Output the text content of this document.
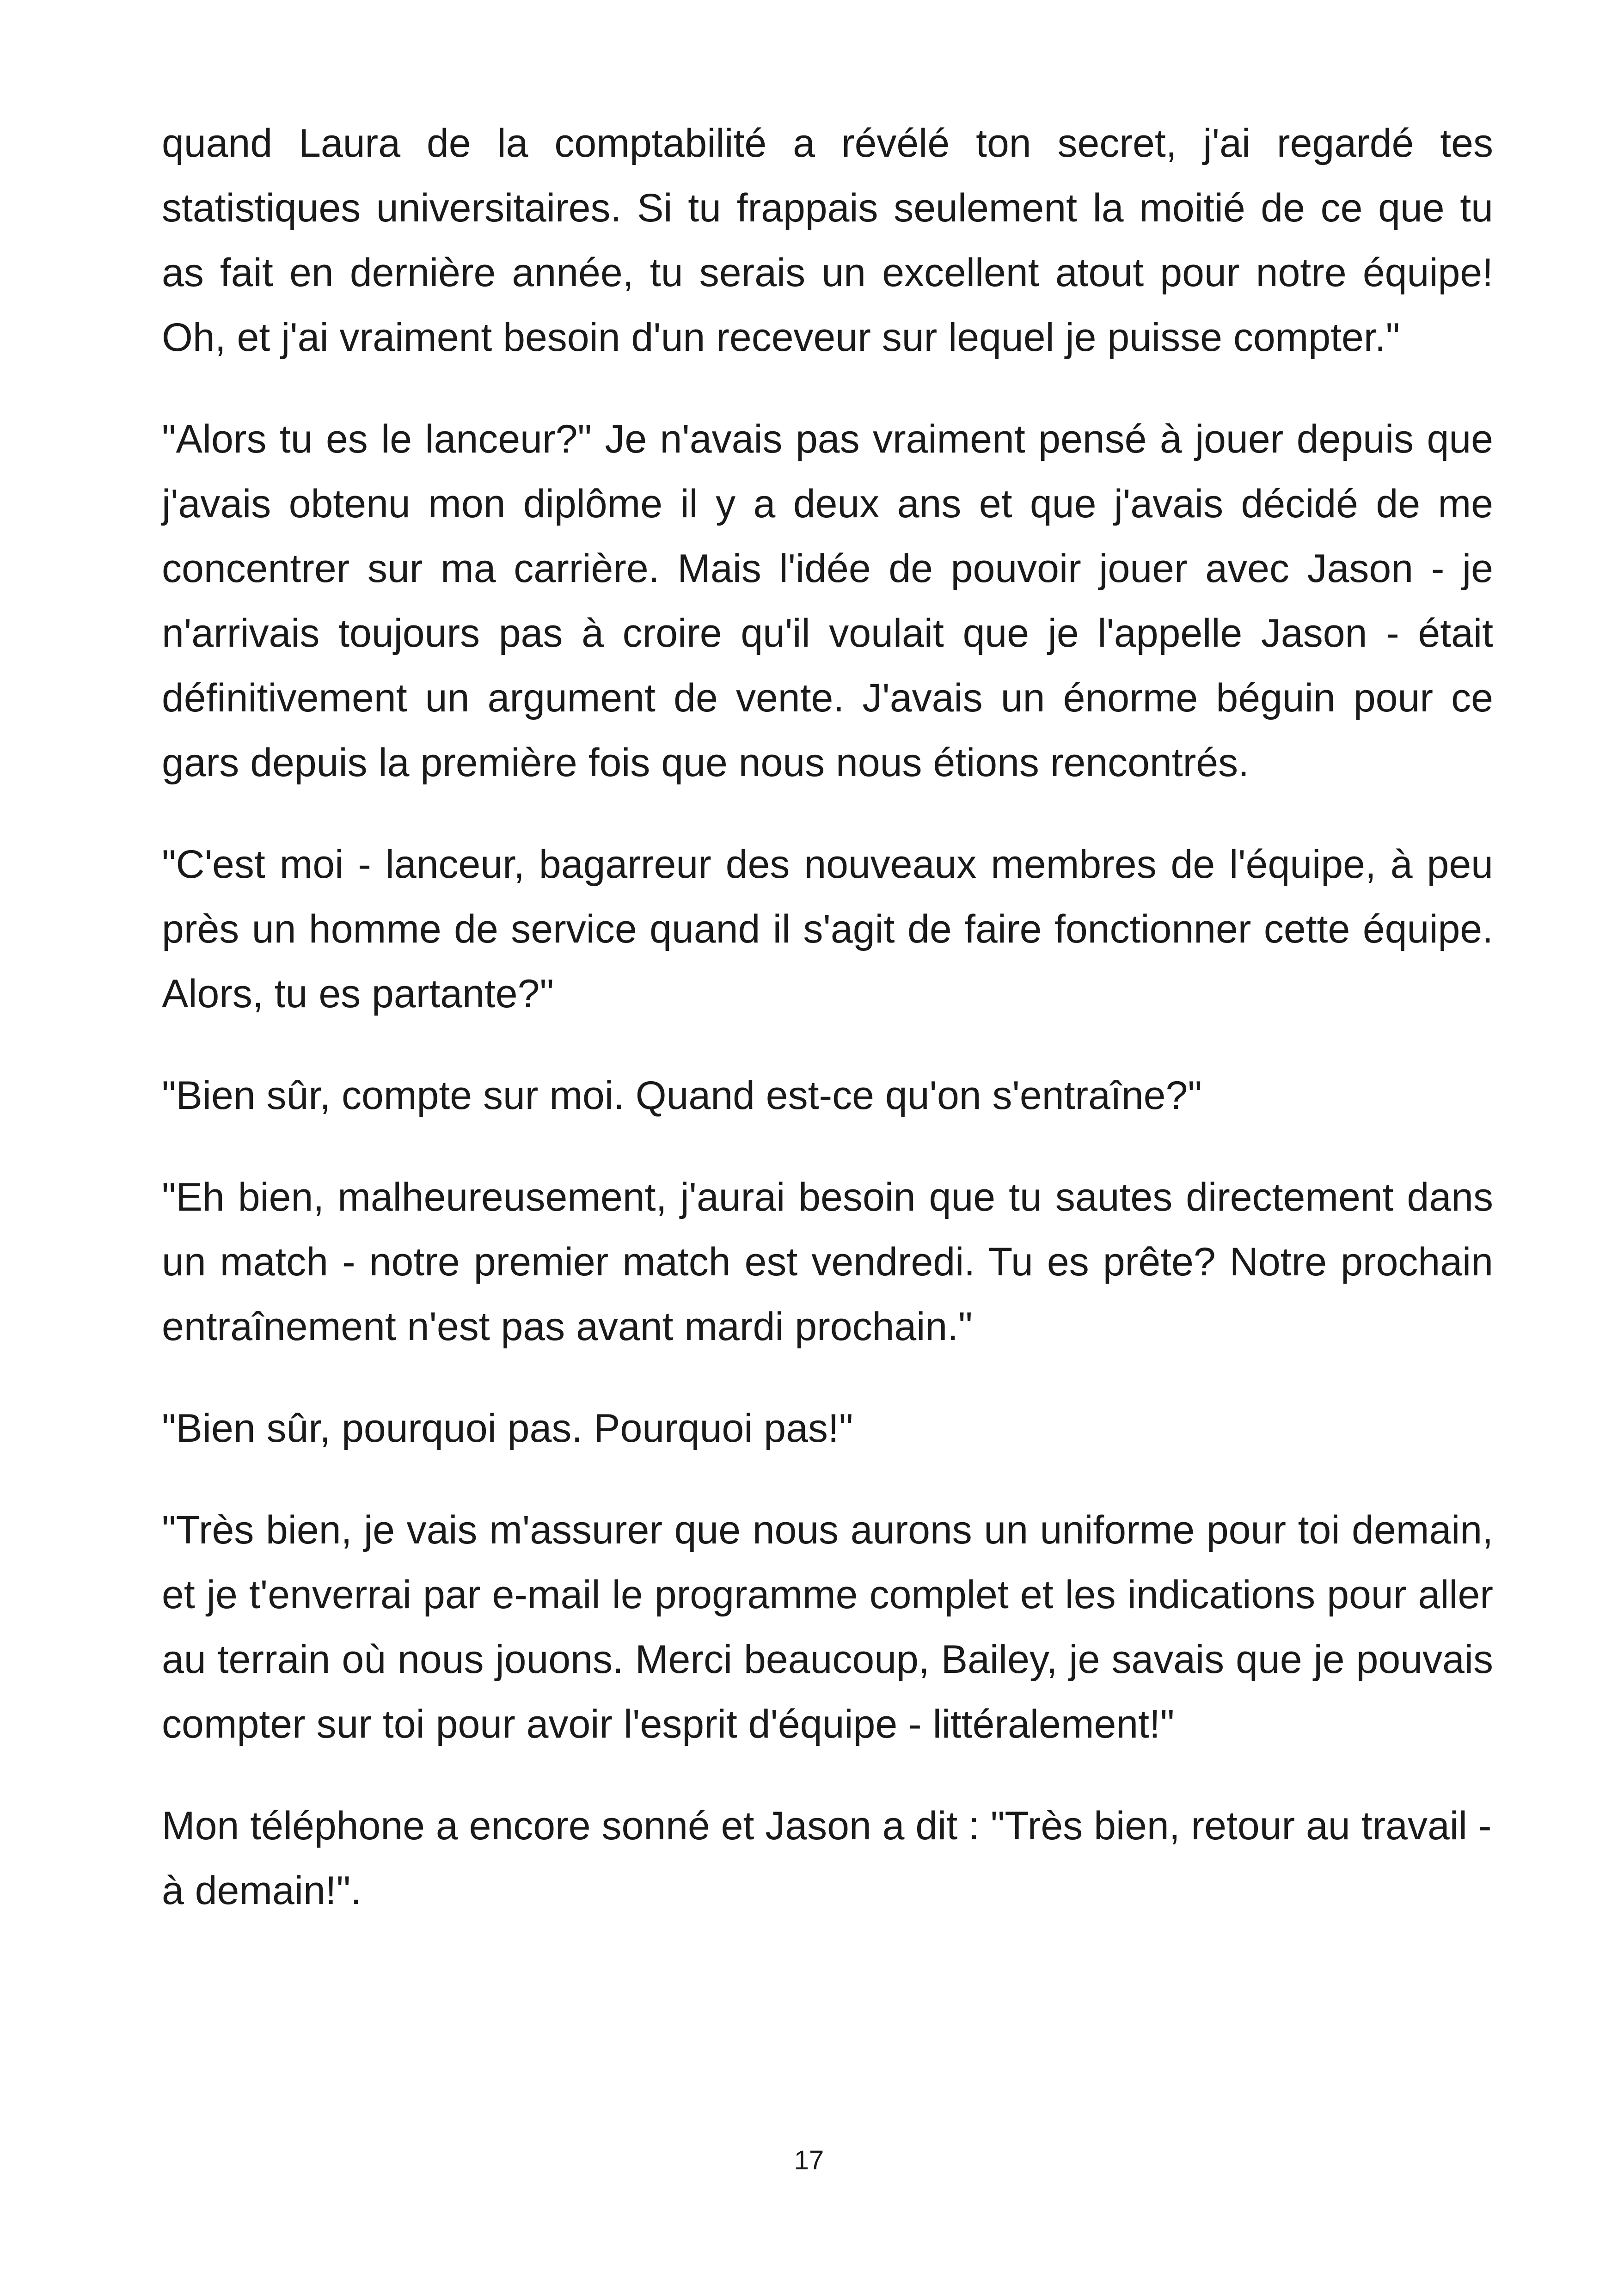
quand Laura de la comptabilité a révélé ton secret, j'ai regardé tes statistiques universitaires. Si tu frappais seulement la moitié de ce que tu as fait en dernière année, tu serais un excellent atout pour notre équipe! Oh, et j'ai vraiment besoin d'un receveur sur lequel je puisse compter."

"Alors tu es le lanceur?" Je n'avais pas vraiment pensé à jouer depuis que j'avais obtenu mon diplôme il y a deux ans et que j'avais décidé de me concentrer sur ma carrière. Mais l'idée de pouvoir jouer avec Jason - je n'arrivais toujours pas à croire qu'il voulait que je l'appelle Jason - était définitivement un argument de vente. J'avais un énorme béguin pour ce gars depuis la première fois que nous nous étions rencontrés.

"C'est moi - lanceur, bagarreur des nouveaux membres de l'équipe, à peu près un homme de service quand il s'agit de faire fonctionner cette équipe. Alors, tu es partante?"

"Bien sûr, compte sur moi. Quand est-ce qu'on s'entraîne?"

"Eh bien, malheureusement, j'aurai besoin que tu sautes directement dans un match - notre premier match est vendredi. Tu es prête? Notre prochain entraînement n'est pas avant mardi prochain."

"Bien sûr, pourquoi pas. Pourquoi pas!"

"Très bien, je vais m'assurer que nous aurons un uniforme pour toi demain, et je t'enverrai par e-mail le programme complet et les indications pour aller au terrain où nous jouons. Merci beaucoup, Bailey, je savais que je pouvais compter sur toi pour avoir l'esprit d'équipe - littéralement!"

Mon téléphone a encore sonné et Jason a dit : "Très bien, retour au travail - à demain!".

17
